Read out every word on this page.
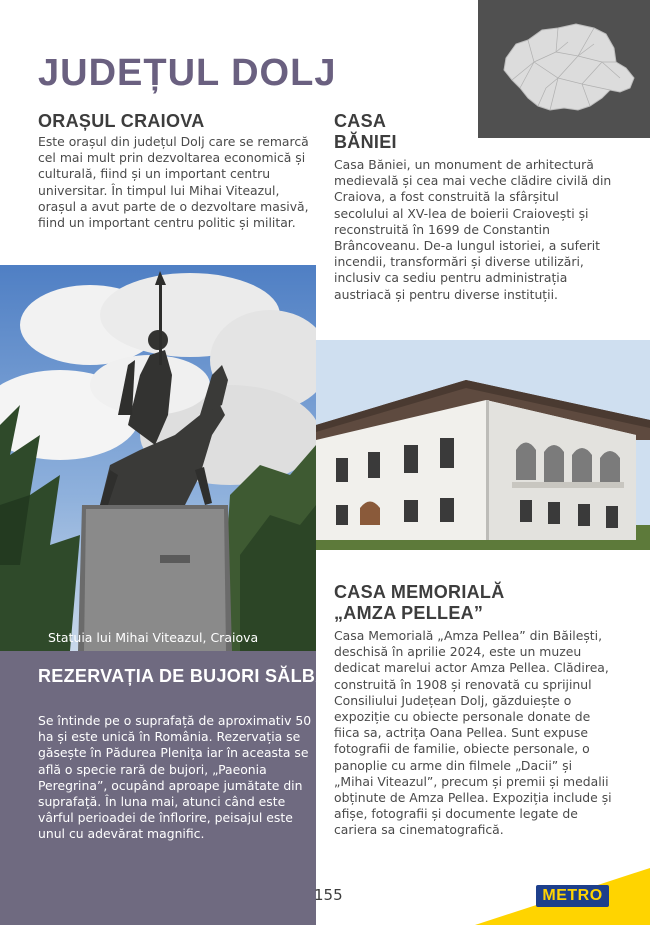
JUDEȚUL DOLJ
ORAȘUL CRAIOVA

Este orașul din județul Dolj care se remarcă cel mai mult prin dezvoltarea economică și culturală, fiind și un important centru universitar. În timpul lui Mihai Viteazul, orașul a avut parte de o dezvoltare masivă, fiind un important centru politic și militar.

CASA BĂNIEI

Casa Băniei, un monument de arhitectură medievală și cea mai veche clădire civilă din Craiova, a fost construită la sfârșitul secolului al XV-lea de boierii Craiovești și reconstruită în 1699 de Constantin Brâncoveanu. De-a lungul istoriei, a suferit incendii, transformări și diverse utilizări, inclusiv ca sediu pentru administrația austriacă și pentru diverse instituții.

Statuia lui Mihai Viteazul, Craiova

REZERVAȚIA DE BUJORI SĂLBATICI PLENIȚA

Se întinde pe o suprafață de aproximativ 50 ha și este unică în România. Rezervația se găsește în Pădurea Plenița iar în aceasta se află o specie rară de bujori, „Paeonia Peregrina”, ocupând aproape jumătate din suprafață. În luna mai, atunci când este vârful perioadei de înflorire, peisajul este unul cu adevărat magnific.

CASA MEMORIALĂ „AMZA PELLEA”

Casa Memorială „Amza Pellea” din Băilești, deschisă în aprilie 2024, este un muzeu dedicat marelui actor Amza Pellea. Clădirea, construită în 1908 și renovată cu sprijinul Consiliului Județean Dolj, găzduiește o expoziție cu obiecte personale donate de fiica sa, actrița Oana Pellea. Sunt expuse fotografii de familie, obiecte personale, o panoplie cu arme din filmele „Dacii” și „Mihai Viteazul”, precum și premii și medalii obținute de Amza Pellea. Expoziția include și afișe, fotografii și documente legate de cariera sa cinematografică.

155	METRO
